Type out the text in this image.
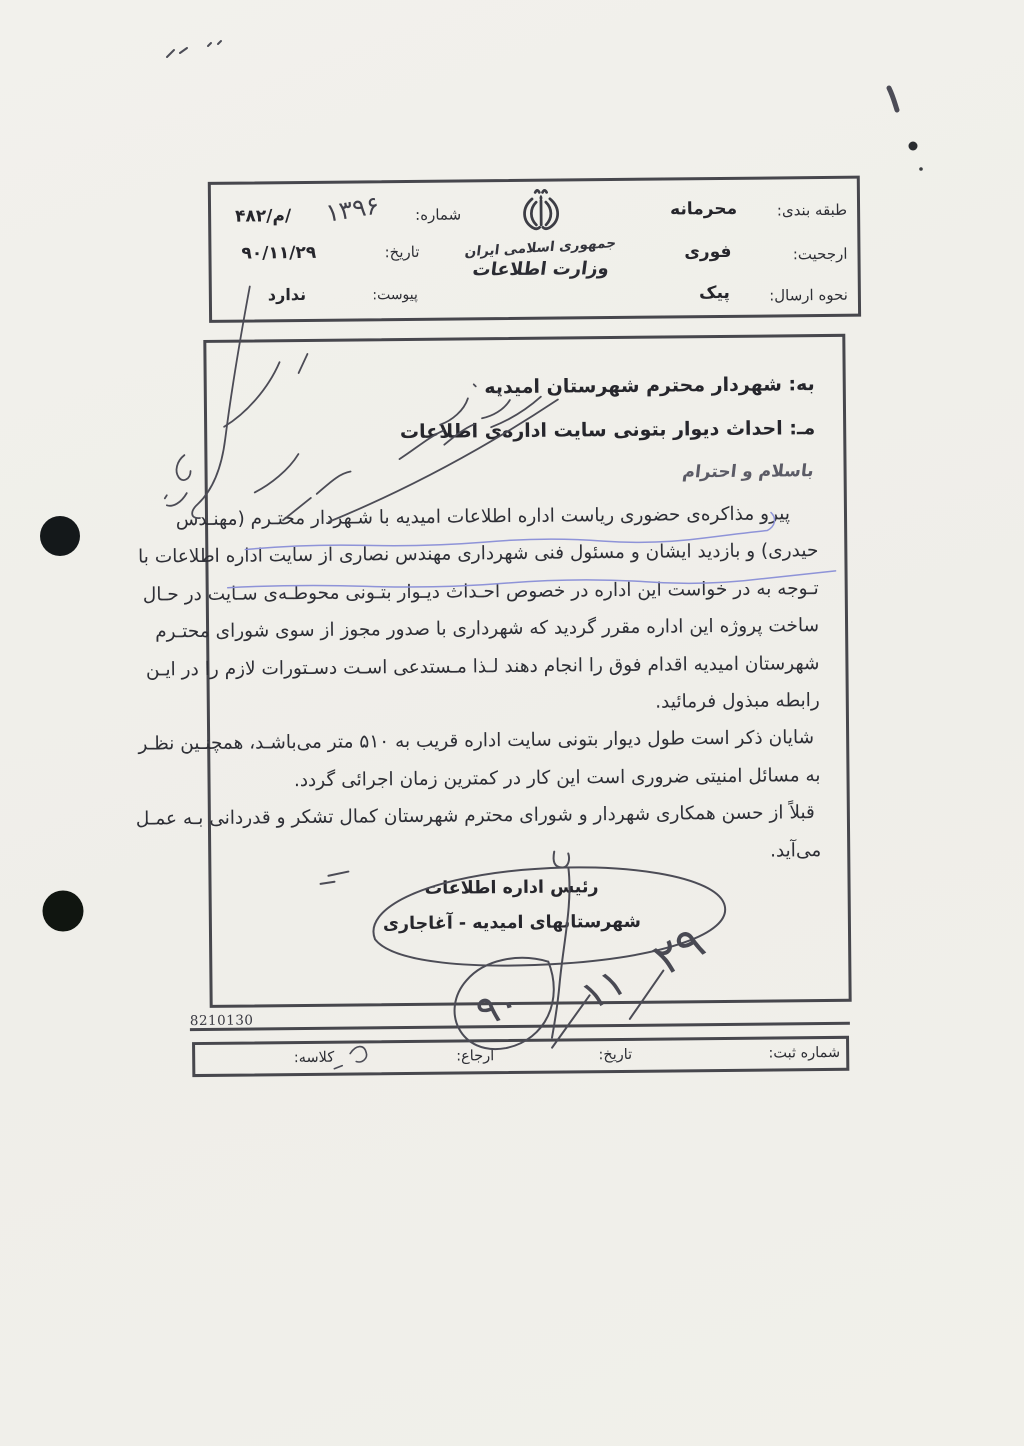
طبقه بندی:
محرمانه
ارجحیت:
فوری
نحوه ارسال:
پیک
جمهوری اسلامی ایران
وزارت اطلاعات
شماره:
۱۳۹۶
/م/۴۸۲
تاریخ:
۹۰/۱۱/۲۹
پیوست:
ندارد
به: شهردار محترم شهرستان امیدیه
مـ: احداث دیوار بتونی سایت اداره‌ی اطلاعات
باسلام و احترام
پیرو مذاکره‌ی حضوری ریاست اداره اطلاعات امیدیه با شـهردار محتـرم (مهنـدس
حیدری) و بازدید ایشان و مسئول فنی شهرداری مهندس نصاری از سایت اداره اطلاعات با
تـوجه به در خواست این اداره در خصوص احـداث دیـوار بتـونی محوطـه‌ی سـایت در حـال
ساخت پروژه این اداره مقرر گردید که شهرداری با صدور مجوز از سوی شورای محتـرم
شهرستان امیدیه اقدام فوق را انجام دهند لـذا مـستدعی اسـت دسـتورات لازم را در ایـن
رابطه مبذول فرمائید.
شایان ذکر است طول دیوار بتونی سایت اداره قریب به ۵۱۰ متر می‌باشـد، همچنـین نظـر
به مسائل امنیتی ضروری است این کار در کمترین زمان اجرائی گردد.
قبلاً از حسن همکاری شهردار و شورای محترم شهرستان کمال تشکر و قدردانی بـه عمـل
می‌آید.
رئیس اداره اطلاعات
شهرستانهای امیدیه - آغاجاری
8210130
شماره ثبت:
تاریخ:
ارجاع:
کلاسه:
۲۹
۱۱
۹۰
